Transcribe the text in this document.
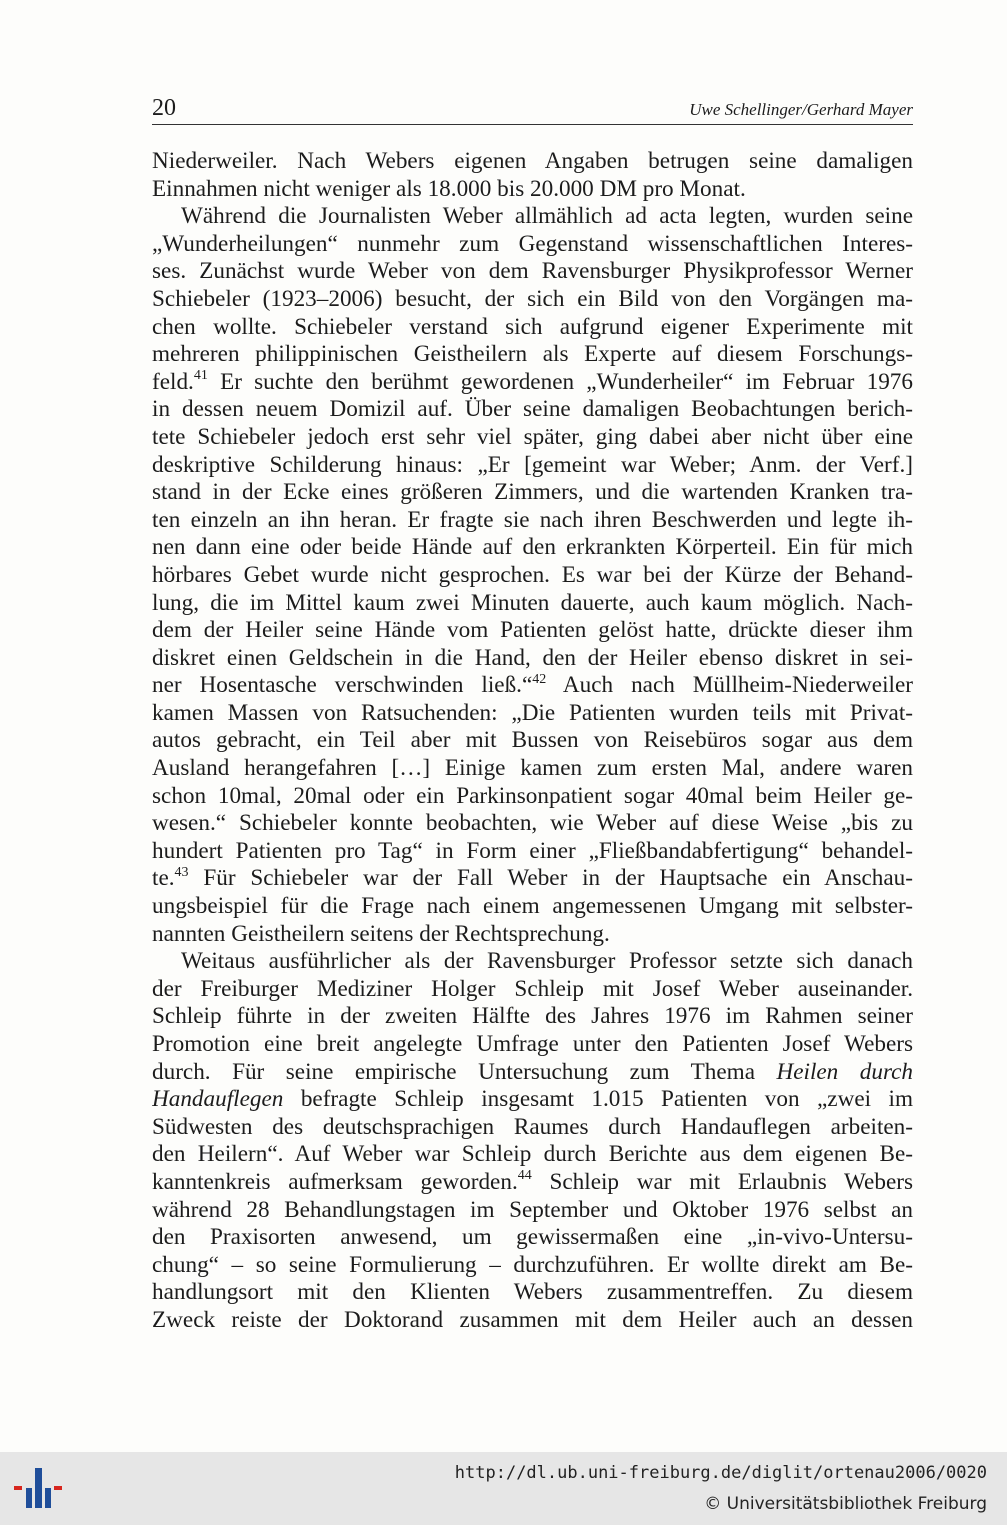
20	Uwe Schellinger/Gerhard Mayer
Niederweiler. Nach Webers eigenen Angaben betrugen seine damaligen
Einnahmen nicht weniger als 18.000 bis 20.000 DM pro Monat.
Während die Journalisten Weber allmählich ad acta legten, wurden seine
„Wunderheilungen“ nunmehr zum Gegenstand wissenschaftlichen Interes-
ses. Zunächst wurde Weber von dem Ravensburger Physikprofessor Werner
Schiebeler (1923–2006) besucht, der sich ein Bild von den Vorgängen ma-
chen wollte. Schiebeler verstand sich aufgrund eigener Experimente mit
mehreren philippinischen Geistheilern als Experte auf diesem Forschungs-
feld.$^{41}$ Er suchte den berühmt gewordenen „Wunderheiler“ im Februar 1976
in dessen neuem Domizil auf. Über seine damaligen Beobachtungen berich-
tete Schiebeler jedoch erst sehr viel später, ging dabei aber nicht über eine
deskriptive Schilderung hinaus: „Er [gemeint war Weber; Anm. der Verf.]
stand in der Ecke eines größeren Zimmers, und die wartenden Kranken tra-
ten einzeln an ihn heran. Er fragte sie nach ihren Beschwerden und legte ih-
nen dann eine oder beide Hände auf den erkrankten Körperteil. Ein für mich
hörbares Gebet wurde nicht gesprochen. Es war bei der Kürze der Behand-
lung, die im Mittel kaum zwei Minuten dauerte, auch kaum möglich. Nach-
dem der Heiler seine Hände vom Patienten gelöst hatte, drückte dieser ihm
diskret einen Geldschein in die Hand, den der Heiler ebenso diskret in sei-
ner Hosentasche verschwinden ließ.“$^{42}$ Auch nach Müllheim-Niederweiler
kamen Massen von Ratsuchenden: „Die Patienten wurden teils mit Privat-
autos gebracht, ein Teil aber mit Bussen von Reisebüros sogar aus dem
Ausland herangefahren […] Einige kamen zum ersten Mal, andere waren
schon 10mal, 20mal oder ein Parkinsonpatient sogar 40mal beim Heiler ge-
wesen.“ Schiebeler konnte beobachten, wie Weber auf diese Weise „bis zu
hundert Patienten pro Tag“ in Form einer „Fließbandabfertigung“ behandel-
te.$^{43}$ Für Schiebeler war der Fall Weber in der Hauptsache ein Anschau-
ungsbeispiel für die Frage nach einem angemessenen Umgang mit selbster-
nannten Geistheilern seitens der Rechtsprechung.
Weitaus ausführlicher als der Ravensburger Professor setzte sich danach
der Freiburger Mediziner Holger Schleip mit Josef Weber auseinander.
Schleip führte in der zweiten Hälfte des Jahres 1976 im Rahmen seiner
Promotion eine breit angelegte Umfrage unter den Patienten Josef Webers
durch. Für seine empirische Untersuchung zum Thema Heilen durch
Handauflegen befragte Schleip insgesamt 1.015 Patienten von „zwei im
Südwesten des deutschsprachigen Raumes durch Handauflegen arbeiten-
den Heilern“. Auf Weber war Schleip durch Berichte aus dem eigenen Be-
kanntenkreis aufmerksam geworden.$^{44}$ Schleip war mit Erlaubnis Webers
während 28 Behandlungstagen im September und Oktober 1976 selbst an
den Praxisorten anwesend, um gewissermaßen eine „in-vivo-Untersu-
chung“ – so seine Formulierung – durchzuführen. Er wollte direkt am Be-
handlungsort mit den Klienten Webers zusammentreffen. Zu diesem
Zweck reiste der Doktorand zusammen mit dem Heiler auch an dessen
http://dl.ub.uni-freiburg.de/diglit/ortenau2006/0020
© Universitätsbibliothek Freiburg
